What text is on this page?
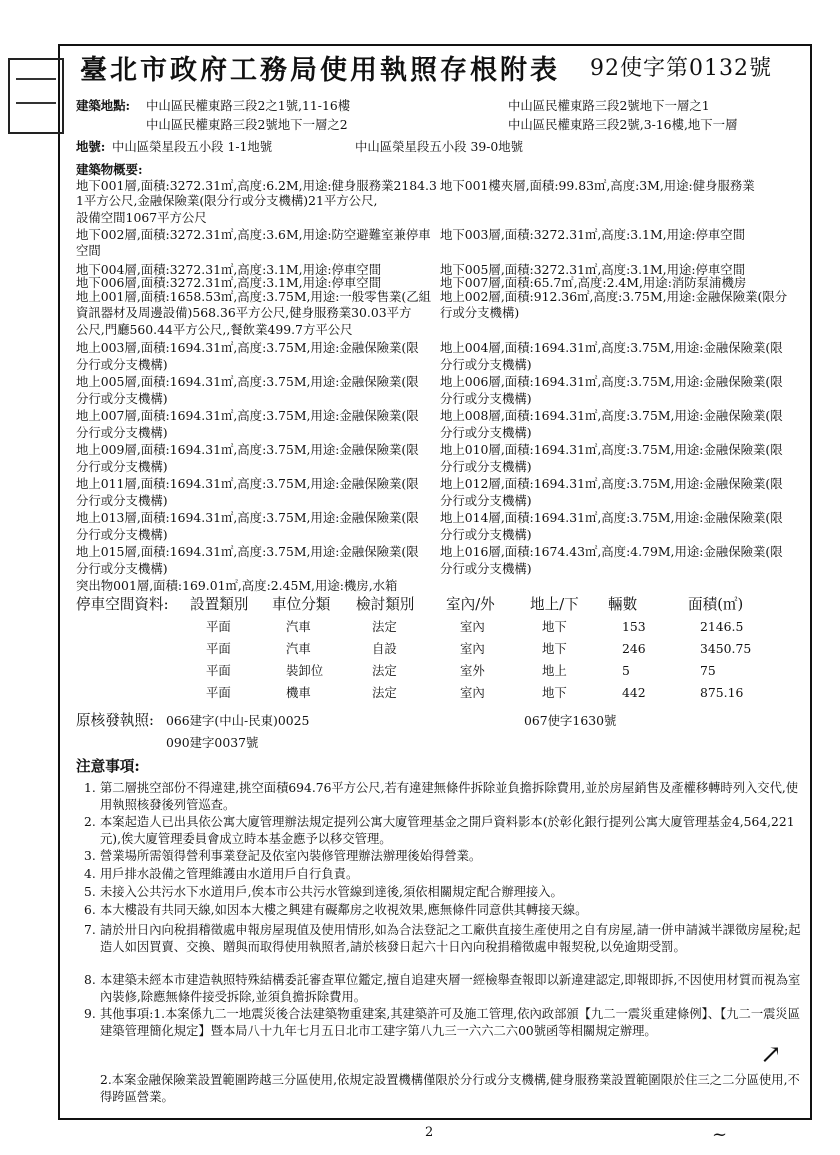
臺北市政府工務局使用執照存根附表 92使字第0132號
建築地點: 中山區民權東路三段2之1號,11-16樓	中山區民權東路三段2號地下一層之1
中山區民權東路三段2號地下一層之2	中山區民權東路三段2號,3-16樓,地下一層
地號: 中山區榮星段五小段 1-1地號	中山區榮星段五小段 39-0地號
建築物概要:
地下001層,面積:3272.31㎡,高度:6.2M,用途:健身服務業2184.3 地下001樓夾層,面積:99.83㎡,高度:3M,用途:健身服務業
1平方公尺,金融保險業(限分行或分支機構)21平方公尺,
設備空間1067平方公尺
地下002層,面積:3272.31㎡,高度:3.6M,用途:防空避難室兼停車 地下003層,面積:3272.31㎡,高度:3.1M,用途:停車空間
空間
地下004層,面積:3272.31㎡,高度:3.1M,用途:停車空間	地下005層,面積:3272.31㎡,高度:3.1M,用途:停車空間
地下006層,面積:3272.31㎡,高度:3.1M,用途:停車空間	地下007層,面積:65.7㎡,高度:2.4M,用途:消防泵浦機房
地上001層,面積:1658.53㎡,高度:3.75M,用途:一般零售業(乙組 地上002層,面積:912.36㎡,高度:3.75M,用途:金融保險業(限分
資訊器材及周邊設備)568.36平方公尺,健身服務業30.03平方 行或分支機構)
公尺,門廳560.44平方公尺,,餐飲業499.7方平公尺
地上003層,面積:1694.31㎡,高度:3.75M,用途:金融保險業(限 地上004層,面積:1694.31㎡,高度:3.75M,用途:金融保險業(限
分行或分支機構)	分行或分支機構)
地上005層,面積:1694.31㎡,高度:3.75M,用途:金融保險業(限 地上006層,面積:1694.31㎡,高度:3.75M,用途:金融保險業(限
分行或分支機構)	分行或分支機構)
地上007層,面積:1694.31㎡,高度:3.75M,用途:金融保險業(限 地上008層,面積:1694.31㎡,高度:3.75M,用途:金融保險業(限
分行或分支機構)	分行或分支機構)
地上009層,面積:1694.31㎡,高度:3.75M,用途:金融保險業(限 地上010層,面積:1694.31㎡,高度:3.75M,用途:金融保險業(限
分行或分支機構)	分行或分支機構)
地上011層,面積:1694.31㎡,高度:3.75M,用途:金融保險業(限 地上012層,面積:1694.31㎡,高度:3.75M,用途:金融保險業(限
分行或分支機構)	分行或分支機構)
地上013層,面積:1694.31㎡,高度:3.75M,用途:金融保險業(限 地上014層,面積:1694.31㎡,高度:3.75M,用途:金融保險業(限
分行或分支機構)	分行或分支機構)
地上015層,面積:1694.31㎡,高度:3.75M,用途:金融保險業(限 地上016層,面積:1674.43㎡,高度:4.79M,用途:金融保險業(限
分行或分支機構)	分行或分支機構)
突出物001層,面積:169.01㎡,高度:2.45M,用途:機房,水箱
停車空間資料: 設置類別 車位分類 檢討類別 室內/外 地上/下 輛數	面積(㎡)
平面	汽車	法定	室內	地下	153	2146.5
平面	汽車	自設	室內	地下	246	3450.75
平面	裝卸位	法定	室外	地上	5	75
平面	機車	法定	室內	地下	442	875.16
原核發執照: 066建字(中山-民東)0025	067使字1630號
090建字0037號
注意事項:
1. 第二層挑空部份不得違建,挑空面積694.76平方公尺,若有違建無條件拆除並負擔拆除費用,並於房屋銷售及產權移轉時列入交代,使用執照核發後列管巡查。
2. 本案起造人已出具依公寓大廈管理辦法規定提列公寓大廈管理基金之開戶資料影本(於彰化銀行提列公寓大廈管理基金4,564,221元),俟大廈管理委員會成立時本基金應予以移交管理。
3. 營業場所需領得營利事業登記及依室內裝修管理辦法辦理後始得營業。
4. 用戶排水設備之管理維護由水道用戶自行負責。
5. 未接入公共污水下水道用戶,俟本市公共污水管線到達後,須依相關規定配合辦理接入。
6. 本大樓設有共同天線,如因本大樓之興建有礙鄰房之收視效果,應無條件同意供其轉接天線。
7. 請於卅日內向稅捐稽徵處申報房屋現值及使用情形,如為合法登記之工廠供直接生產使用之自有房屋,請一併申請減半課徵房屋稅;起造人如因買賣、交換、贈與而取得使用執照者,請於核發日起六十日內向稅捐稽徵處申報契稅,以免逾期受罰。
8. 本建築未經本市建造執照特殊結構委託審查單位鑑定,擅自追建夾層一經檢舉查報即以新違建認定,即報即拆,不因使用材質而視為室內裝修,除應無條件接受拆除,並須負擔拆除費用。
9. 其他事項:1.本案係九二一地震災後合法建築物重建案,其建築許可及施工管理,依內政部頒【九二一震災重建條例】、【九二一震災區建築管理簡化規定】暨本局八十九年七月五日北市工建字第八九三一六六二六00號函等相關規定辦理。
2.本案金融保險業設置範圍跨越三分區使用,依規定設置機構僅限於分行或分支機構,健身服務業設置範圍限於住三之二分區使用,不得跨區營業。
↗
2	~
